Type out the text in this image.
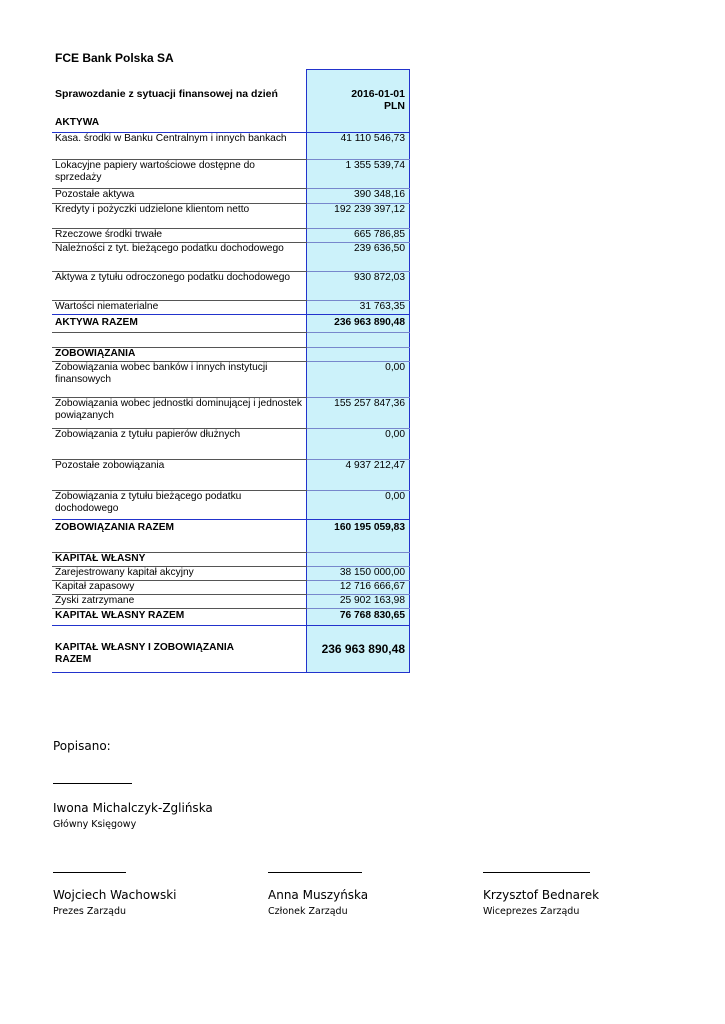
FCE Bank Polska SA

Sprawozdanie z sytuacji finansowej na dzień	2016-01-01
	PLN
AKTYWA	
Kasa. środki w Banku Centralnym i innych bankach	41 110 546,73
Lokacyjne papiery wartościowe dostępne do sprzedaży	1 355 539,74
Pozostałe aktywa	390 348,16
Kredyty i pożyczki udzielone klientom netto	192 239 397,12
Rzeczowe środki trwałe	665 786,85
Należności z tyt. bieżącego podatku dochodowego	239 636,50
Aktywa z tytułu odroczonego podatku dochodowego	930 872,03
Wartości niematerialne	31 763,35
AKTYWA RAZEM	236 963 890,48

ZOBOWIĄZANIA	
Zobowiązania wobec banków i innych instytucji finansowych	0,00
Zobowiązania wobec jednostki dominującej i jednostek powiązanych	155 257 847,36
Zobowiązania z tytułu papierów dłużnych	0,00
Pozostałe zobowiązania	4 937 212,47
Zobowiązania z tytułu bieżącego podatku dochodowego	0,00
ZOBOWIĄZANIA RAZEM	160 195 059,83
KAPITAŁ WŁASNY	
Zarejestrowany kapitał akcyjny	38 150 000,00
Kapitał zapasowy	12 716 666,67
Zyski zatrzymane	25 902 163,98
KAPITAŁ WŁASNY RAZEM	76 768 830,65
KAPITAŁ WŁASNY I ZOBOWIĄZANIA RAZEM	236 963 890,48
Popisano:
Iwona Michalczyk-Zglińska
Główny Księgowy
Wojciech Wachowski
Prezes Zarządu
Anna Muszyńska
Członek Zarządu
Krzysztof Bednarek
Wiceprezes Zarządu
